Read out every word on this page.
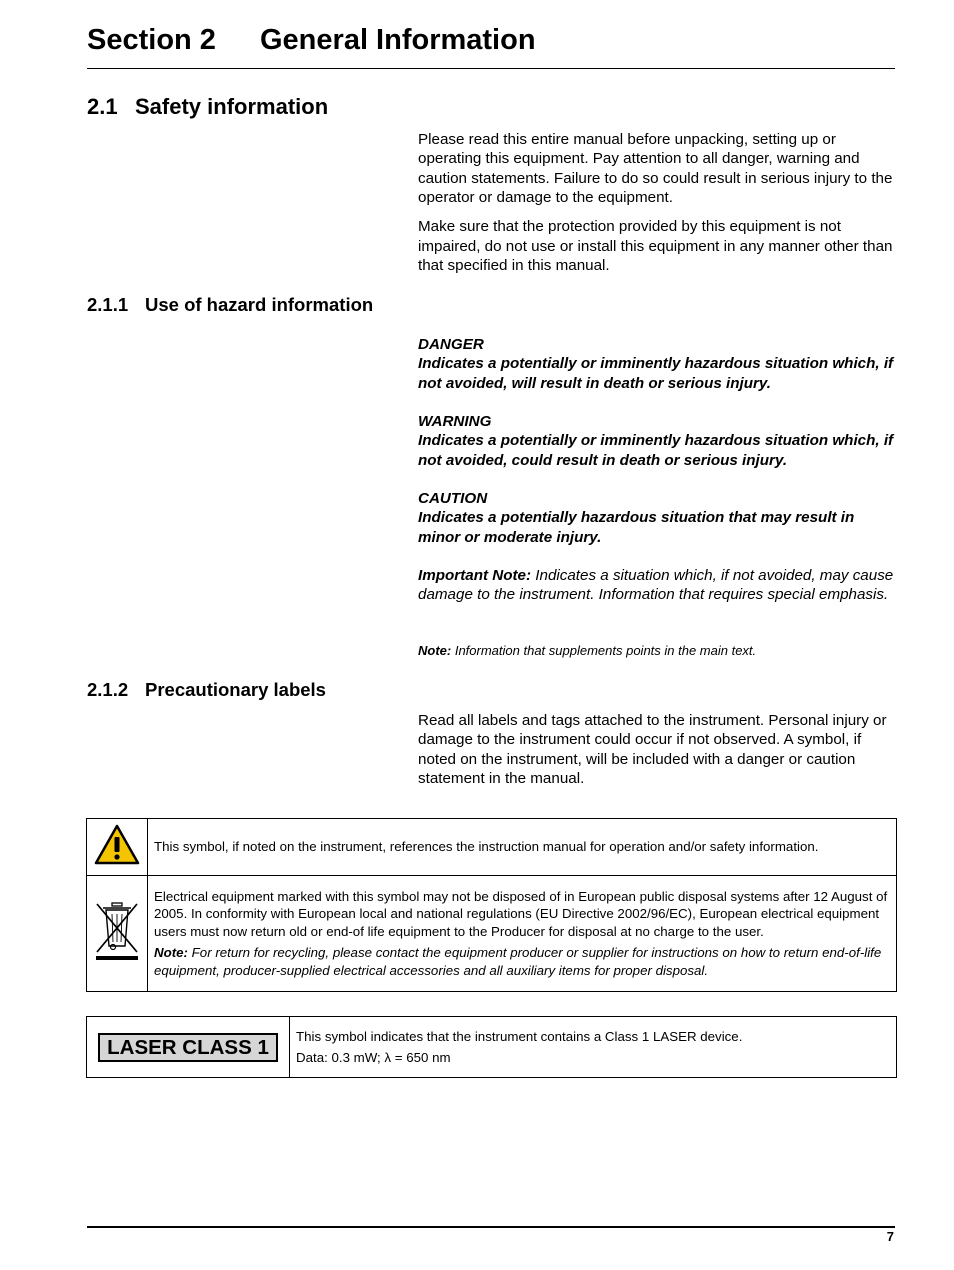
Section 2 General Information
2.1 Safety information

Please read this entire manual before unpacking, setting up or operating this equipment. Pay attention to all danger, warning and caution statements. Failure to do so could result in serious injury to the operator or damage to the equipment.

Make sure that the protection provided by this equipment is not impaired, do not use or install this equipment in any manner other than that specified in this manual.

2.1.1 Use of hazard information
DANGER
Indicates a potentially or imminently hazardous situation which, if not avoided, will result in death or serious injury.
WARNING
Indicates a potentially or imminently hazardous situation which, if not avoided, could result in death or serious injury.
CAUTION
Indicates a potentially hazardous situation that may result in minor or moderate injury.
Important Note: Indicates a situation which, if not avoided, may cause damage to the instrument. Information that requires special emphasis.
Note: Information that supplements points in the main text.
2.1.2 Precautionary labels

Read all labels and tags attached to the instrument. Personal injury or damage to the instrument could occur if not observed. A symbol, if noted on the instrument, will be included with a danger or caution statement in the manual.

This symbol, if noted on the instrument, references the instruction manual for operation and/or safety information.

Electrical equipment marked with this symbol may not be disposed of in European public disposal systems after 12 August of 2005. In conformity with European local and national regulations (EU Directive 2002/96/EC), European electrical equipment users must now return old or end-of life equipment to the Producer for disposal at no charge to the user.

Note: For return for recycling, please contact the equipment producer or supplier for instructions on how to return end-of-life equipment, producer-supplied electrical accessories and all auxiliary items for proper disposal.

LASER CLASS 1	This symbol indicates that the instrument contains a Class 1 LASER device.

Data: 0.3 mW; λ = 650 nm

7
